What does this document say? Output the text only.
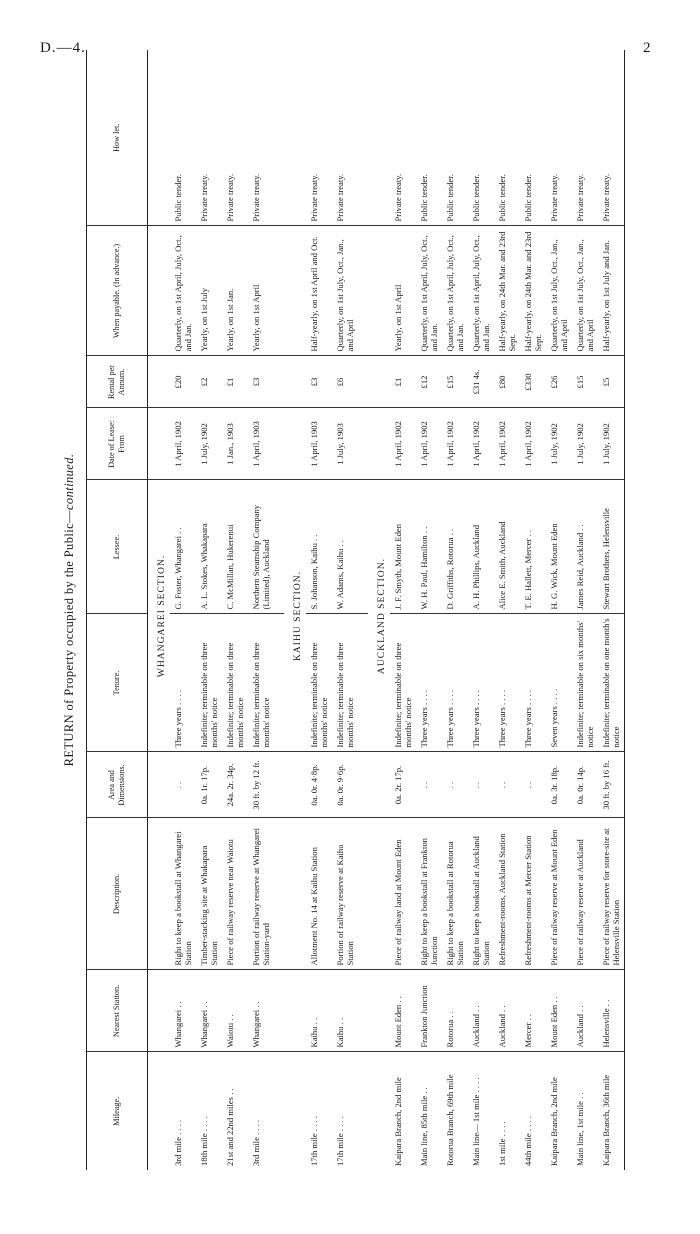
D.—4.	2
RETURN of Property occupied by the Public—continued.
Mileage.	Nearest Station.	Description.	Area and Dimensions.	Tenure.	Lessee.	Date of Lease: From	Rental per Annum.	When payable. (In advance.)	How let.
				WHANGAREI SECTION.					
3rd mile . . . .	Whangarei . .	Right to keep a bookstall at Whangarei Station	. .	Three years . . . .	G. Foster, Whangarei . .	1 April, 1902	£20	Quarterly, on 1st April, July, Oct., and Jan.	Public tender.
18th mile . . . .	Whangarei . .	Timber-stacking site at Whakapara Station	0a. 1r. 17p.	Indefinite; terminable on three months' notice	A. L. Stokes, Whakapara	1 July, 1902	£2	Yearly, on 1st July	Private treaty.
21st and 22nd miles . .	Waiotu . .	Piece of railway reserve near Waiotu	24a. 2r. 34p.	Indefinite; terminable on three months' notice	C. McMillan, Hukerenui	1 Jan., 1903	£1	Yearly, on 1st Jan.	Private treaty.
3rd mile . . . .	Whangarei . .	Portion of railway reserve at Whangarei Station-yard	30 ft. by 12 ft.	Indefinite; terminable on three months' notice	Northern Steamship Company (Limited), Auckland	1 April, 1903	£3	Yearly, on 1st April	Private treaty.

				KAIHU SECTION.					
17th mile . . . .	Kaihu . .	Allotment No. 14 at Kaihu Station	0a. 0r. 4·8p.	Indefinite; terminable on three months' notice	S. Johanson, Kaihu . .	1 April, 1903	£3	Half-yearly, on 1st April and Oct.	Private treaty.
17th mile . . . .	Kaihu . .	Portion of railway reserve at Kaihu Station	0a. 0r. 9·6p.	Indefinite; terminable on three months' notice	W. Adams, Kaihu . .	1 July, 1903	£6	Quarterly, on 1st July, Oct., Jan., and April	Private treaty.

				AUCKLAND SECTION.					
Kaipara Branch, 2nd mile	Mount Eden . .	Piece of railway land at Mount Eden	0a. 2r. 17p.	Indefinite; terminable on three months' notice	J. F. Smyth, Mount Eden	1 April, 1902	£1	Yearly, on 1st April	Private treaty.
Main line, 85th mile . .	Frankton Junction	Right to keep a bookstall at Frankton Junction	. .	Three years . . . .	W. H. Paul, Hamilton . .	1 April, 1902	£12	Quarterly, on 1st April, July, Oct., and Jan.	Public tender.
Rotorua Branch, 69th mile	Rotorua . .	Right to keep a bookstall at Rotorua Station	. .	Three years . . . .	D. Griffiths, Rotorua . .	1 April, 1902	£15	Quarterly, on 1st April, July, Oct., and Jan.	Public tender.
Main line— 1st mile . . . .	Auckland . .	Right to keep a bookstall at Auckland Station	. .	Three years . . . .	A. H. Phillips, Auckland	1 April, 1902	£31 4s.	Quarterly, on 1st April, July, Oct., and Jan.	Public tender.
1st mile . . . .	Auckland . .	Refreshment-rooms, Auckland Station	. .	Three years . . . .	Alice E. Smith, Auckland	1 April, 1902	£80	Half-yearly, on 24th Mar. and 23rd Sept.	Public tender.
44th mile . . . .	Mercer . .	Refreshment-rooms at Mercer Station	. .	Three years . . . .	T. E. Hallett, Mercer . .	1 April, 1902	£330	Half-yearly, on 24th Mar. and 23rd Sept.	Public tender.
Kaipara Branch, 2nd mile	Mount Eden . .	Piece of railway reserve at Mount Eden	0a. 3r. 18p.	Seven years . . . .	H. G. Wick, Mount Eden	1 July, 1902	£26	Quarterly, on 1st July, Oct., Jan., and April	Private treaty.
Main line, 1st mile . .	Auckland . .	Piece of railway reserve at Auckland	0a. 0r. 14p.	Indefinite; terminable on six months' notice	James Reid, Auckland . .	1 July, 1902	£15	Quarterly, on 1st July, Oct., Jan., and April	Private treaty.
Kaipara Branch, 36th mile	Helensville . .	Piece of railway reserve for store-site at Helensville Station	30 ft. by 16 ft.	Indefinite; terminable on one month's notice	Stewart Brothers, Helensville	1 July, 1902	£5	Half-yearly, on 1st July and Jan.	Private treaty.
